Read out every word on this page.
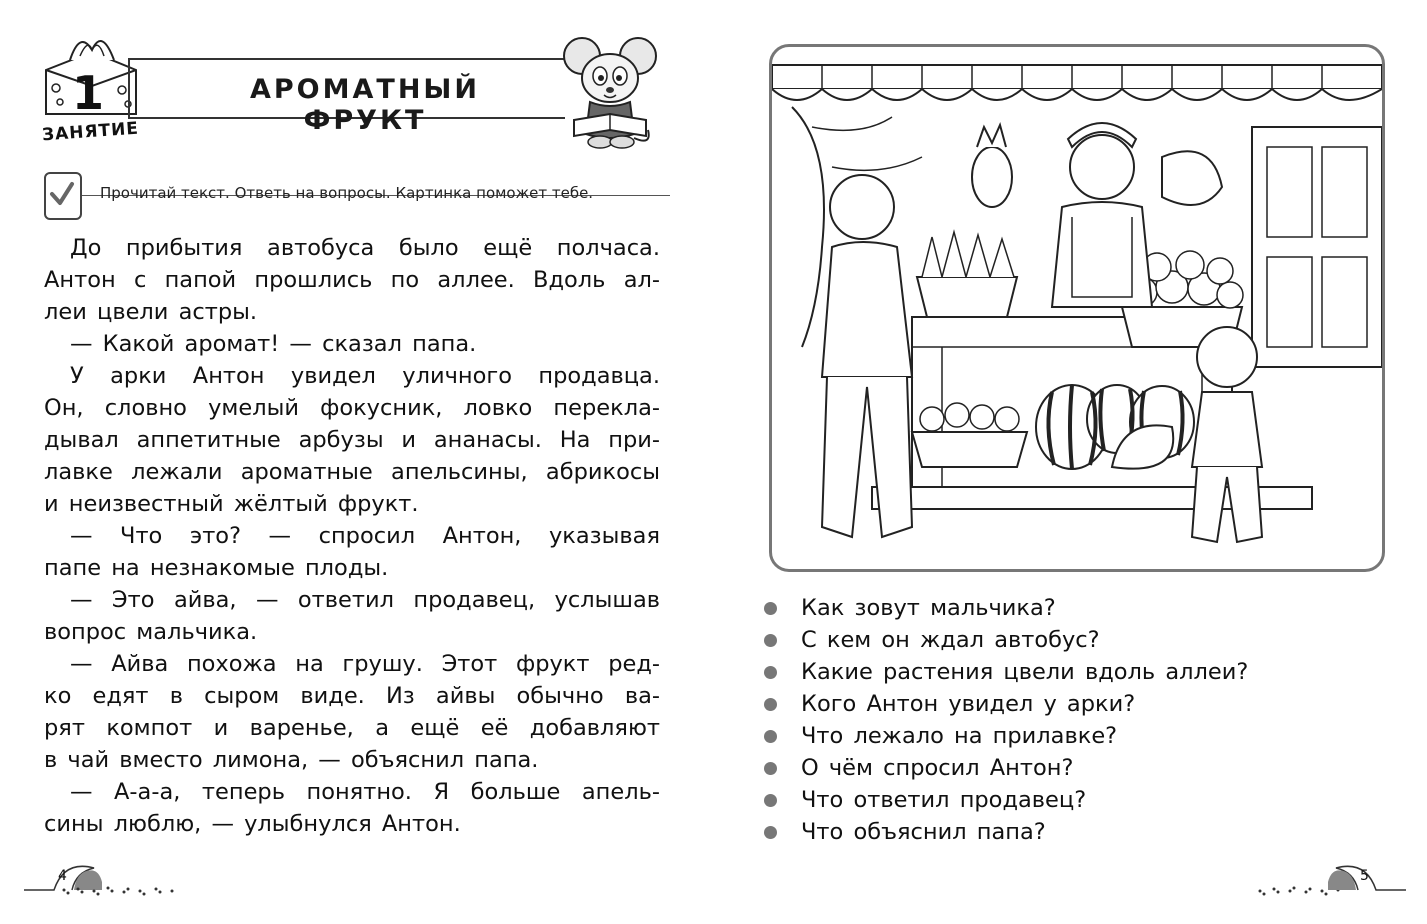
1
ЗАНЯТИЕ
АРОМАТНЫЙ ФРУКТ
Прочитай текст. Ответь на вопросы. Картинка поможет тебе.
До прибытия автобуса было ещё полчаса.
Антон с папой прошлись по аллее. Вдоль ал-
леи цвели астры.
— Какой аромат! — сказал папа.
У арки Антон увидел уличного продавца.
Он, словно умелый фокусник, ловко перекла-
дывал аппетитные арбузы и ананасы. На при-
лавке лежали ароматные апельсины, абрикосы
и неизвестный жёлтый фрукт.
— Что это? — спросил Антон, указывая
папе на незнакомые плоды.
— Это айва, — ответил продавец, услышав
вопрос мальчика.
— Айва похожа на грушу. Этот фрукт ред-
ко едят в сыром виде. Из айвы обычно ва-
рят компот и варенье, а ещё её добавляют
в чай вместо лимона, — объяснил папа.
— А-а-а, теперь понятно. Я больше апель-
сины люблю, — улыбнулся Антон.
4
Как зовут мальчика?
С кем он ждал автобус?
Какие растения цвели вдоль аллеи?
Кого Антон увидел у арки?
Что лежало на прилавке?
О чём спросил Антон?
Что ответил продавец?
Что объяснил папа?
5
